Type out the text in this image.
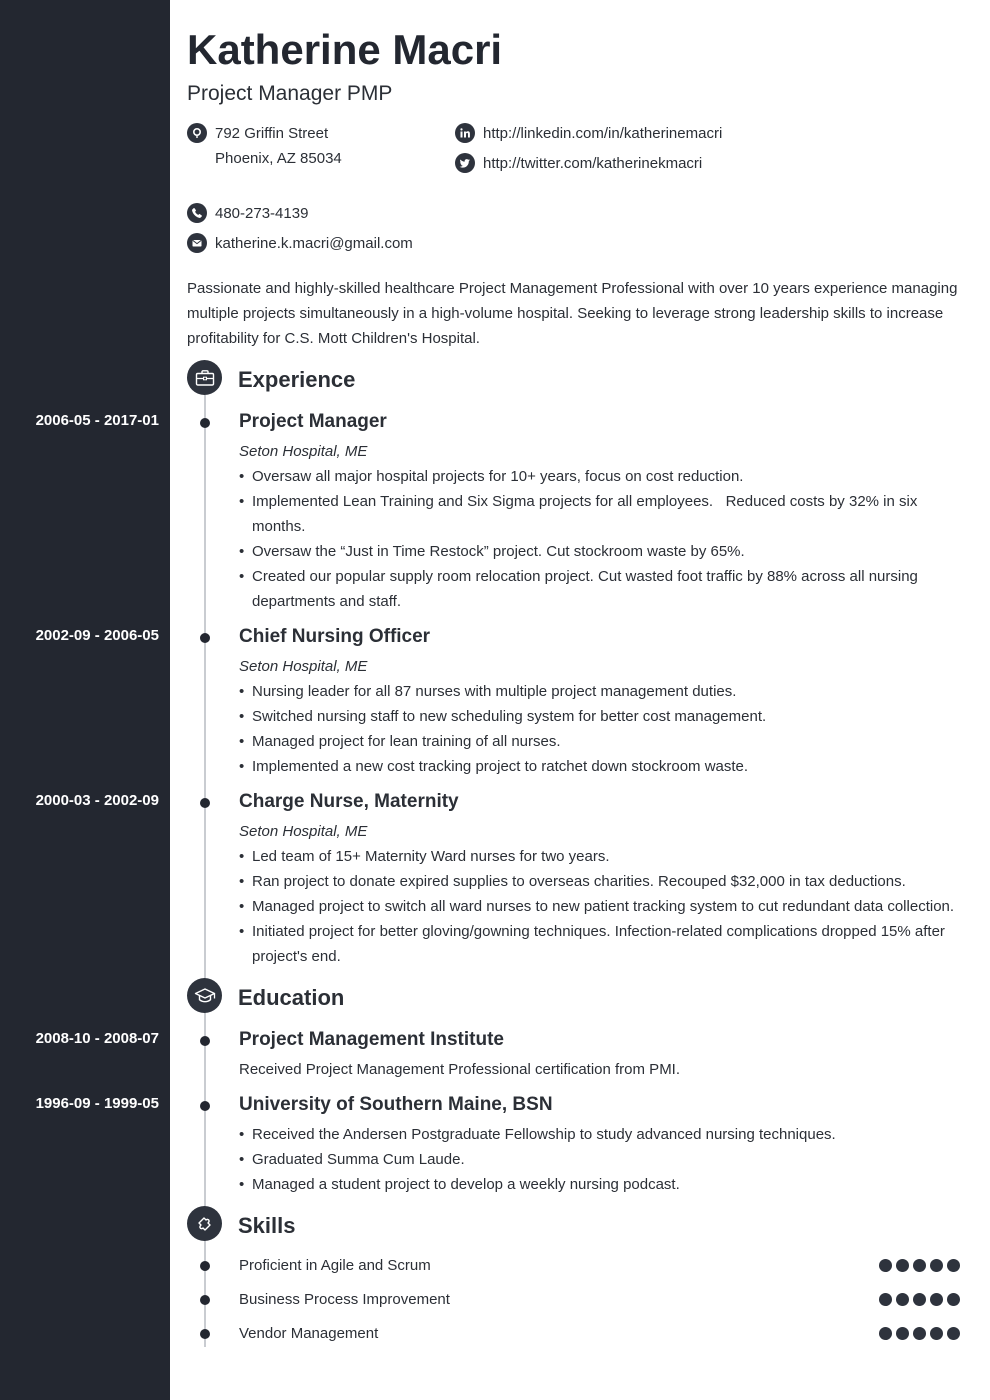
Katherine Macri
Project Manager PMP
792 Griffin Street
Phoenix, AZ 85034
http://linkedin.com/in/katherinemacri
http://twitter.com/katherinekmacri
480-273-4139
katherine.k.macri@gmail.com

Passionate and highly-skilled healthcare Project Management Professional with over 10 years experience managing multiple projects simultaneously in a high-volume hospital. Seeking to leverage strong leadership skills to increase profitability for C.S. Mott Children's Hospital.

Experience
2006-05 - 2017-01	Project Manager
Seton Hospital, ME
• Oversaw all major hospital projects for 10+ years, focus on cost reduction.
• Implemented Lean Training and Six Sigma projects for all employees.   Reduced costs by 32% in six months.
• Oversaw the “Just in Time Restock” project. Cut stockroom waste by 65%.
• Created our popular supply room relocation project. Cut wasted foot traffic by 88% across all nursing departments and staff.
2002-09 - 2006-05	Chief Nursing Officer
Seton Hospital, ME
• Nursing leader for all 87 nurses with multiple project management duties.
• Switched nursing staff to new scheduling system for better cost management.
• Managed project for lean training of all nurses.
• Implemented a new cost tracking project to ratchet down stockroom waste.
2000-03 - 2002-09	Charge Nurse, Maternity
Seton Hospital, ME
• Led team of 15+ Maternity Ward nurses for two years.
• Ran project to donate expired supplies to overseas charities. Recouped $32,000 in tax deductions.
• Managed project to switch all ward nurses to new patient tracking system to cut redundant data collection.
• Initiated project for better gloving/gowning techniques. Infection-related complications dropped 15% after project's end.
Education
2008-10 - 2008-07	Project Management Institute
Received Project Management Professional certification from PMI.
1996-09 - 1999-05	University of Southern Maine, BSN
• Received the Andersen Postgraduate Fellowship to study advanced nursing techniques.
• Graduated Summa Cum Laude.
• Managed a student project to develop a weekly nursing podcast.
Skills
Proficient in Agile and Scrum
Business Process Improvement
Vendor Management
